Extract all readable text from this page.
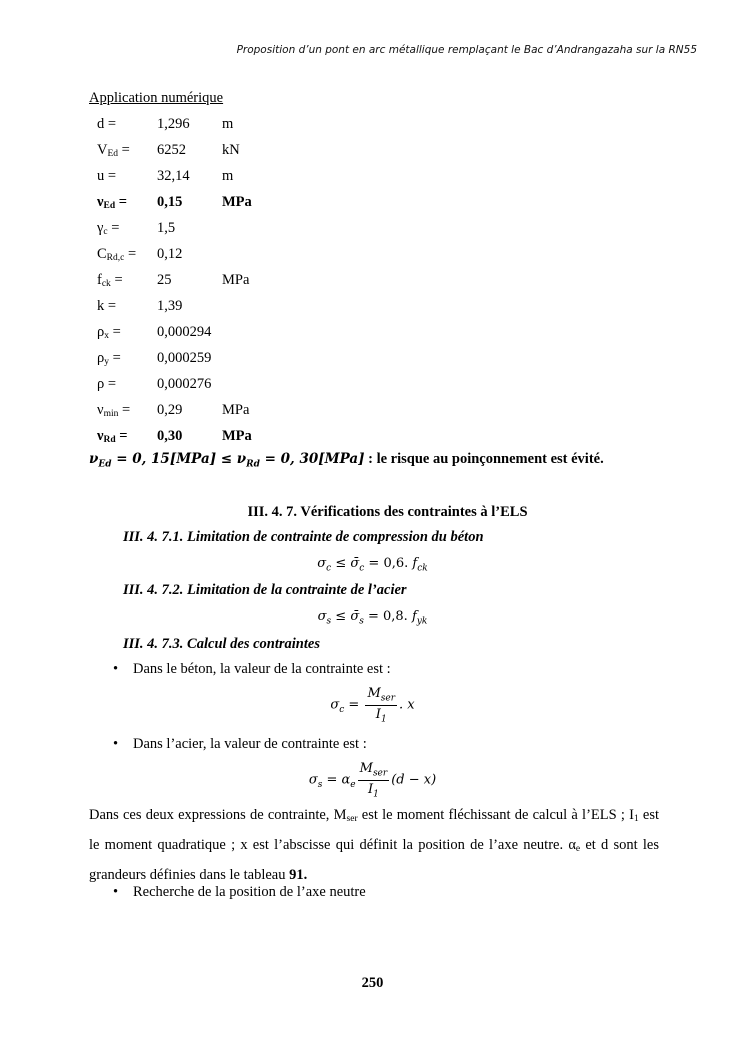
Proposition d’un pont en arc métallique remplaçant le Bac d’Andrangazaha sur la RN55
Application numérique
d =	1,296	m
$V_{Ed}$ =	6252	kN
u =	32,14	m
$\nu_{Ed}$ =	0,15	MPa
$\gamma_c$ =	1,5	
$C_{Rd,c}$ =	0,12	
$f_{ck}$ =	25	MPa
k =	1,39	
$\rho_x$ =	0,000294	
$\rho_y$ =	0,000259	
ρ =	0,000276	
$\nu_{min}$ =	0,29	MPa
$\nu_{Rd}$ =	0,30	MPa
$\nu_{Ed} = 0$, $15[MPa] \le \nu_{Rd} = 0$, 30[MPa] : le risque au poinçonnement est évité.
III. 4. 7. Vérifications des contraintes à l’ELS
III. 4. 7.1. Limitation de contrainte de compression du béton
$\sigma_c$ ≤ $\sigmā_c = 0,6$. $f_{ck}$
III. 4. 7.2. Limitation de la contrainte de l’acier
$\sigma_s$ ≤ $\sigmā_s = 0,8$. $f_{yk}$
III. 4. 7.3. Calcul des contraintes
• Dans le béton, la valeur de la contrainte est :
$\sigma_c = \frac{M_{ser}}{I_1}$ . x
• Dans l’acier, la valeur de contrainte est :
$\sigma_s = \alpha_e \frac{M_{ser}}{I_1} (d - x)$
Dans ces deux expressions de contrainte, $M_{ser}$ est le moment fléchissant de calcul à l’ELS ; $I_1$ est le moment quadratique ; x est l’abscisse qui définit la position de l’axe neutre. $\alpha_e$ et d sont les grandeurs définies dans le tableau 91.
• Recherche de la position de l’axe neutre
250
